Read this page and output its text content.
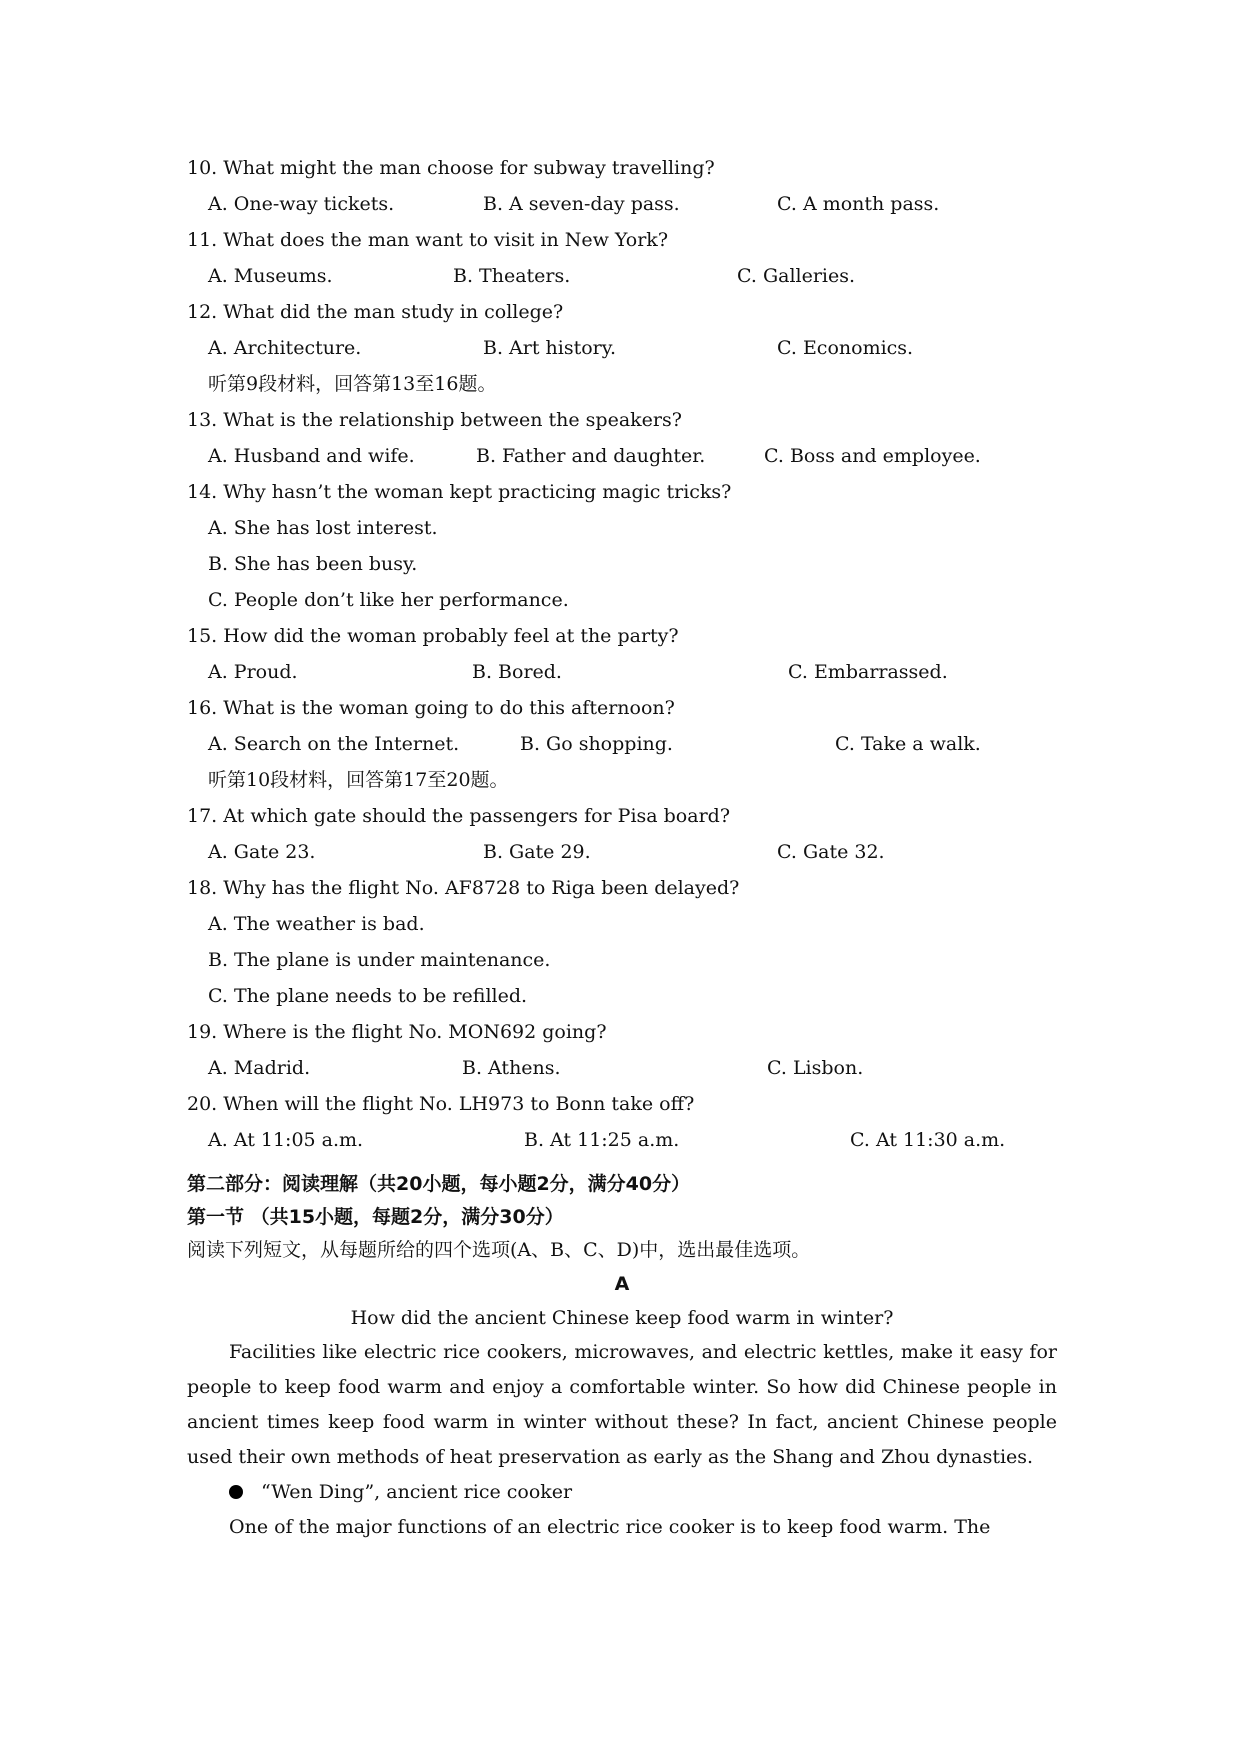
10. What might the man choose for subway travelling?

A. One-way tickets.	B. A seven-day pass.	C. A month pass.

11. What does the man want to visit in New York?

A. Museums.	B. Theaters.	C. Galleries.

12. What did the man study in college?

A. Architecture.	B. Art history.	C. Economics.

听第9段材料，回答第13至16题。

13. What is the relationship between the speakers?

A. Husband and wife.	B. Father and daughter.	C. Boss and employee.

14. Why hasn’t the woman kept practicing magic tricks?

A. She has lost interest.
B. She has been busy.
C. People don’t like her performance.

15. How did the woman probably feel at the party?

A. Proud.	B. Bored.	C. Embarrassed.

16. What is the woman going to do this afternoon?

A. Search on the Internet.	B. Go shopping.	C. Take a walk.

听第10段材料，回答第17至20题。

17. At which gate should the passengers for Pisa board?

A. Gate 23.	B. Gate 29.	C. Gate 32.

18. Why has the flight No. AF8728 to Riga been delayed?

A. The weather is bad.
B. The plane is under maintenance.
C. The plane needs to be refilled.

19. Where is the flight No. MON692 going?

A. Madrid.	B. Athens.	C. Lisbon.

20. When will the flight No. LH973 to Bonn take off?

A. At 11:05 a.m.	B. At 11:25 a.m.	C. At 11:30 a.m.

第二部分：阅读理解（共20小题，每小题2分，满分40分）

第一节 （共15小题，每题2分，满分30分）

阅读下列短文，从每题所给的四个选项(A、B、C、D)中，选出最佳选项。

A

How did the ancient Chinese keep food warm in winter?

Facilities like electric rice cookers, microwaves, and electric kettles, make it easy for people to keep food warm and enjoy a comfortable winter. So how did Chinese people in ancient times keep food warm in winter without these? In fact, ancient Chinese people used their own methods of heat preservation as early as the Shang and Zhou dynasties.

“Wen Ding”, ancient rice cooker

One of the major functions of an electric rice cooker is to keep food warm. The
